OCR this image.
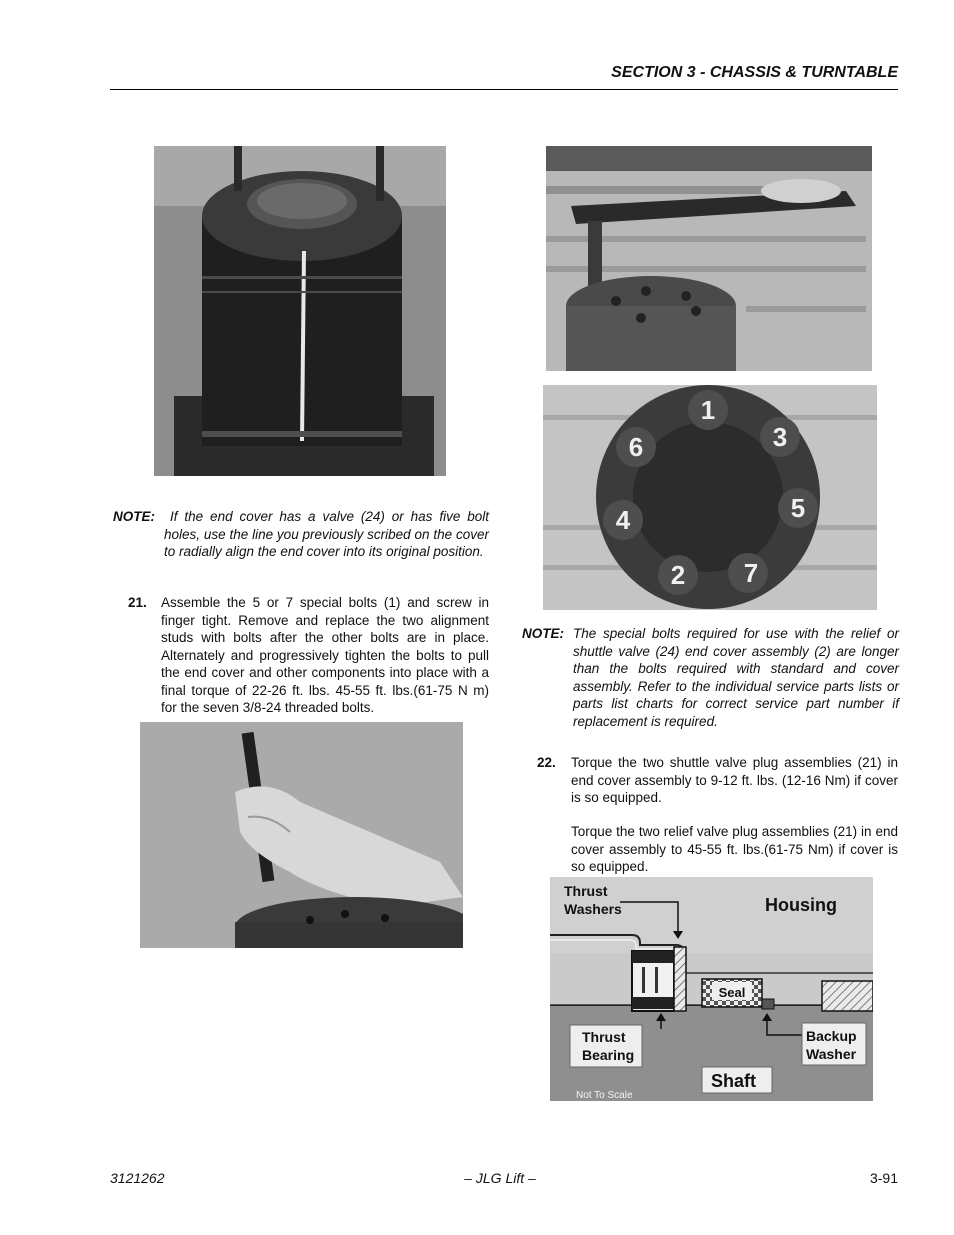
SECTION 3 - CHASSIS & TURNTABLE
NOTE:	If the end cover has a valve (24) or has five bolt holes, use the line you previously scribed on the cover to radially align the end cover into its original position.
21. Assemble the 5 or 7 special bolts (1) and screw in finger tight. Remove and replace the two alignment studs with bolts after the other bolts are in place. Alternately and progressively tighten the bolts to pull the end cover and other components into place with a final torque of 22-26 ft. lbs. 45-55 ft. lbs.(61-75 N m) for the seven 3/8-24 threaded bolts.
1
3
5
7
2
4
6
NOTE: The special bolts required for use with the relief or shuttle valve (24) end cover assembly (2) are longer than the bolts required with standard and cover assembly. Refer to the individual service parts lists or parts list charts for correct service part number if replacement is required.
22. Torque the two shuttle valve plug assemblies (21) in end cover assembly to 9-12 ft. lbs. (12-16 Nm) if cover is so equipped.
Torque the two relief valve plug assemblies (21) in end cover assembly to 45-55 ft. lbs.(61-75 Nm) if cover is so equipped.
Seal
Thrust
Washers
Thrust
Bearing
Backup
Washer
Housing
Shaft
Not To Scale
3121262	– JLG Lift –	3-91
